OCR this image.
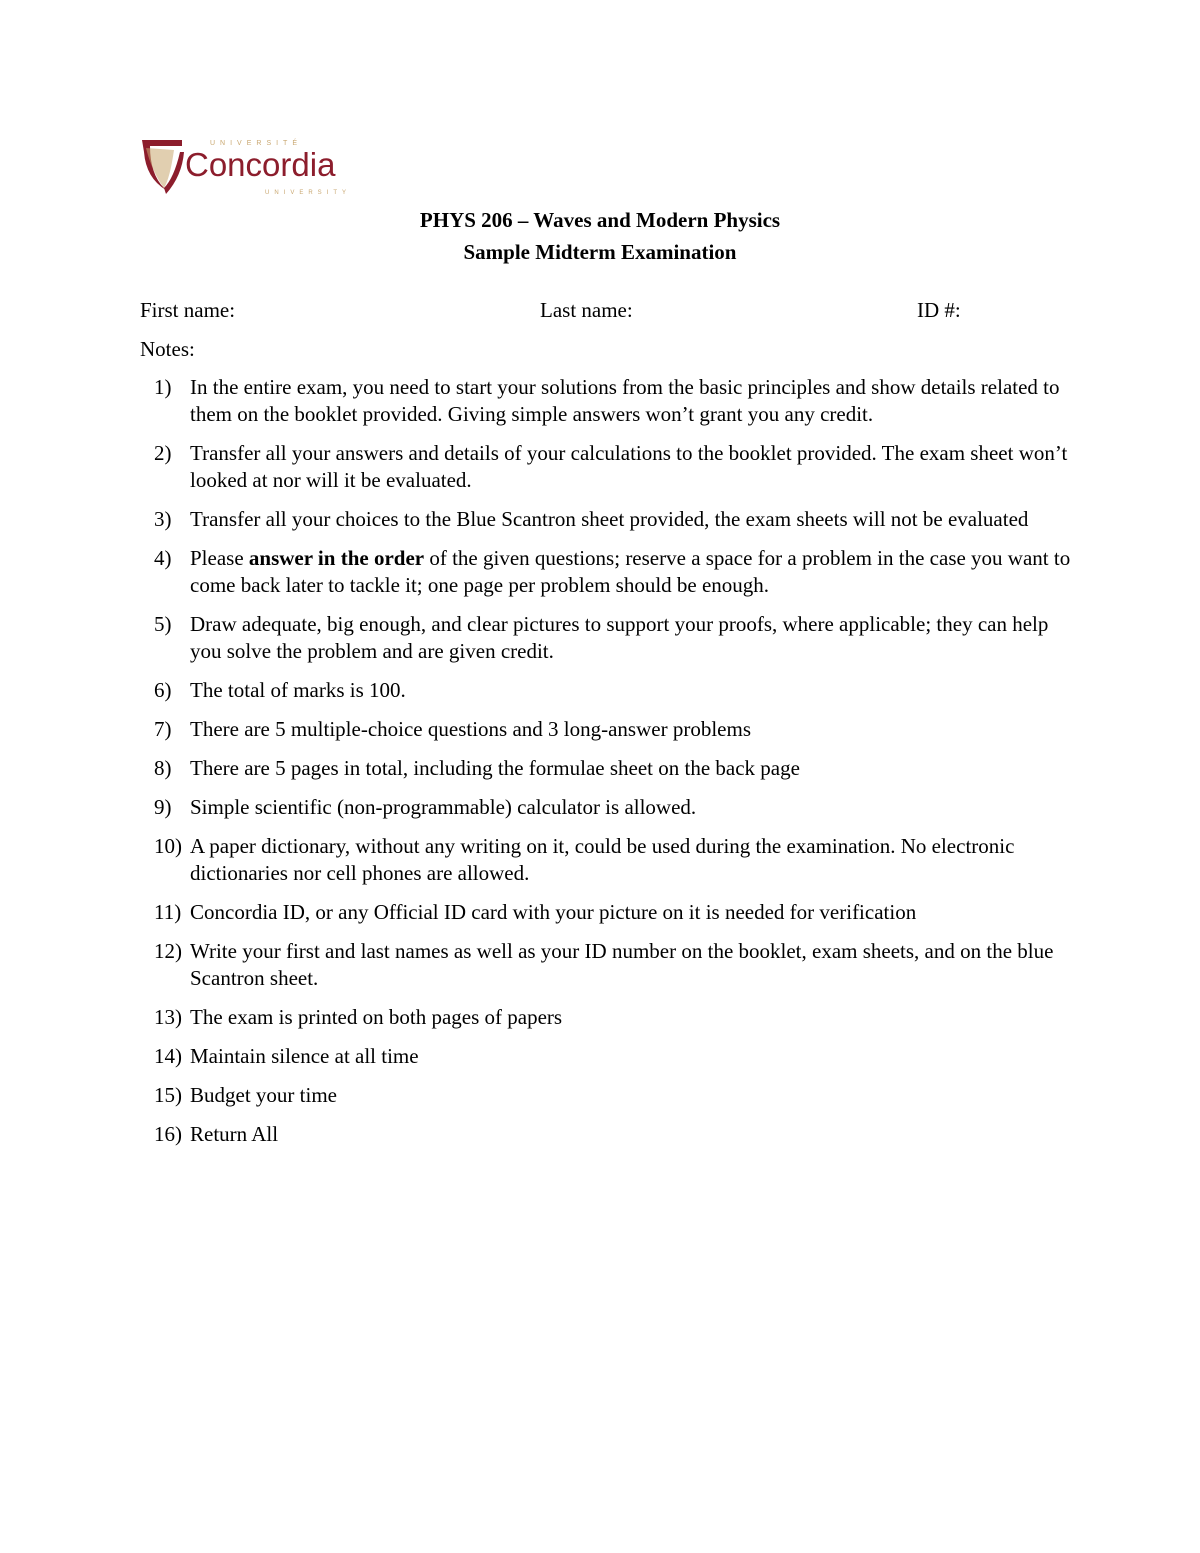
UNIVERSITÉ
Concordia
UNIVERSITY
PHYS 206 – Waves and Modern Physics
Sample Midterm Examination
First name:	Last name:	ID #:
Notes:
1) In the entire exam, you need to start your solutions from the basic principles and show details related to them on the booklet provided. Giving simple answers won’t grant you any credit.
2) Transfer all your answers and details of your calculations to the booklet provided. The exam sheet won’t looked at nor will it be evaluated.
3) Transfer all your choices to the Blue Scantron sheet provided, the exam sheets will not be evaluated
4) Please answer in the order of the given questions; reserve a space for a problem in the case you want to come back later to tackle it; one page per problem should be enough.
5) Draw adequate, big enough, and clear pictures to support your proofs, where applicable; they can help you solve the problem and are given credit.
6) The total of marks is 100.
7) There are 5 multiple-choice questions and 3 long-answer problems
8) There are 5 pages in total, including the formulae sheet on the back page
9) Simple scientific (non-programmable) calculator is allowed.
10) A paper dictionary, without any writing on it, could be used during the examination. No electronic dictionaries nor cell phones are allowed.
11) Concordia ID, or any Official ID card with your picture on it is needed for verification
12) Write your first and last names as well as your ID number on the booklet, exam sheets, and on the blue Scantron sheet.
13) The exam is printed on both pages of papers
14) Maintain silence at all time
15) Budget your time
16) Return All
